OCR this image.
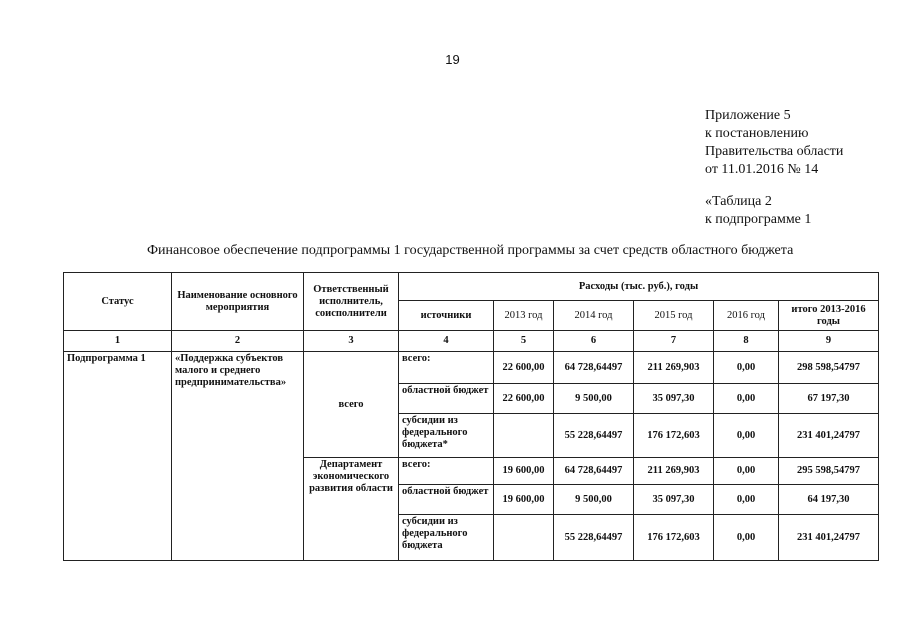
19
Приложение 5
к постановлению
Правительства области
от 11.01.2016 № 14
«Таблица 2
к подпрограмме 1
Финансовое обеспечение подпрограммы 1 государственной программы за счет средств областного бюджета
Статус	Наименование основного мероприятия	Ответственный исполнитель, соисполнители	Расходы (тыс. руб.), годы					
			источники	2013 год	2014 год	2015 год	2016 год	итого 2013-2016 годы
1	2	3	4	5	6	7	8	9
Подпрограмма 1	«Поддержка субъектов малого и среднего предпринимательства»	всего	всего:	22 600,00	64 728,64497	211 269,903	0,00	298 598,54797
			областной бюджет	22 600,00	9 500,00	35 097,30	0,00	67 197,30
			субсидии из федерального бюджета*		55 228,64497	176 172,603	0,00	231 401,24797
		Департамент экономического развития области	всего:	19 600,00	64 728,64497	211 269,903	0,00	295 598,54797
			областной бюджет	19 600,00	9 500,00	35 097,30	0,00	64 197,30
			субсидии из федерального бюджета		55 228,64497	176 172,603	0,00	231 401,24797
